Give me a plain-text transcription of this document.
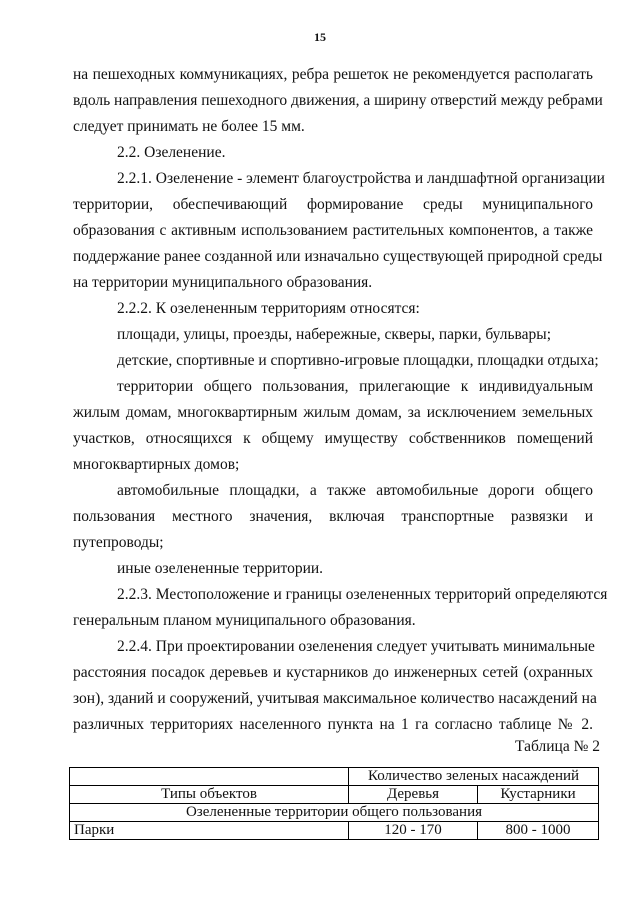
15
на пешеходных коммуникациях, ребра решеток не рекомендуется располагать
вдоль направления пешеходного движения, а ширину отверстий между ребрами
следует принимать не более 15 мм.
2.2. Озеленение.
2.2.1. Озеленение - элемент благоустройства и ландшафтной организации
территории, обеспечивающий формирование среды муниципального
образования с активным использованием растительных компонентов, а также
поддержание ранее созданной или изначально существующей природной среды
на территории муниципального образования.
2.2.2. К озелененным территориям относятся:
площади, улицы, проезды, набережные, скверы, парки, бульвары;
детские, спортивные и спортивно-игровые площадки, площадки отдыха;
территории общего пользования, прилегающие к индивидуальным
жилым домам, многоквартирным жилым домам, за исключением земельных
участков, относящихся к общему имуществу собственников помещений
многоквартирных домов;
автомобильные площадки, а также автомобильные дороги общего
пользования местного значения, включая транспортные развязки и
путепроводы;
иные озелененные территории.
2.2.3. Местоположение и границы озелененных территорий определяются
генеральным планом муниципального образования.
2.2.4. При проектировании озеленения следует учитывать минимальные
расстояния посадок деревьев и кустарников до инженерных сетей (охранных
зон), зданий и сооружений, учитывая максимальное количество насаждений на
различных территориях населенного пункта на 1 га согласно таблице № 2.
Таблица № 2
	Количество зеленых насаждений	
Типы объектов	Деревья	Кустарники
Озелененные территории общего пользования		
Парки	120 - 170	800 - 1000
